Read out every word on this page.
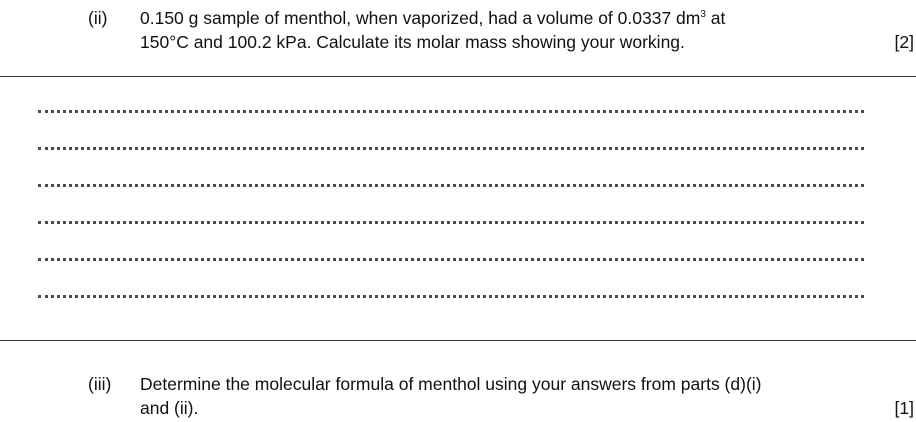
(ii) 0.150 g sample of menthol, when vaporized, had a volume of 0.0337 $dm^3$ at
150°C and 100.2 kPa. Calculate its molar mass showing your working.	[2]
(iii) Determine the molecular formula of menthol using your answers from parts (d)(i)
and (ii).	[1]
